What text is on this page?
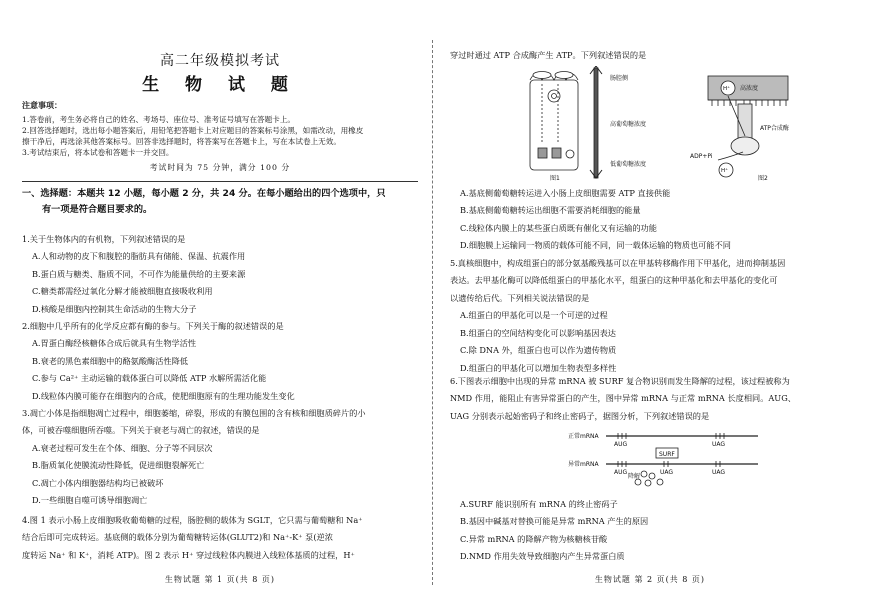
高二年级模拟考试
生 物 试 题
注意事项：

1.答卷前，考生务必将自己的姓名、考场号、座位号、准考证号填写在答题卡上。

2.回答选择题时，选出每小题答案后，用铅笔把答题卡上对应题目的答案标号涂黑，如需改动，用橡皮

擦干净后，再选涂其他答案标号。回答非选择题时，将答案写在答题卡上，写在本试卷上无效。

3.考试结束后，将本试卷和答题卡一并交回。

考试时间为 75 分钟，满分 100 分
一、选择题：本题共 12 小题，每小题 2 分，共 24 分。在每小题给出的四个选项中，只
有一项是符合题目要求的。

1.关于生物体内的有机物，下列叙述错误的是

A.人和动物的皮下和腹腔的脂肪具有储能、保温、抗震作用

B.蛋白质与糖类、脂质不同，不可作为能量供给的主要来源

C.糖类都需经过氧化分解才能被细胞直接吸收利用

D.核酸是细胞内控制其生命活动的生物大分子

2.细胞中几乎所有的化学反应都有酶的参与。下列关于酶的叙述错误的是

A.胃蛋白酶经核糖体合成后就具有生物学活性

B.衰老的黑色素细胞中的酪氨酸酶活性降低

C.参与 Ca²⁺ 主动运输的载体蛋白可以降低 ATP 水解所需活化能

D.线粒体内膜可能存在细胞内的合成，使肥细胞原有的生理功能发生变化

3.凋亡小体是指细胞凋亡过程中，细胞萎缩，碎裂，形成的有膜包围的含有核和细胞质碎片的小

体，可被吞噬细胞所吞噬。下列关于衰老与凋亡的叙述，错误的是

A.衰老过程可发生在个体、细胞、分子等不同层次

B.脂质氧化使膜流动性降低，促进细胞裂解死亡

C.凋亡小体内细胞器结构均已被破坏

D.一些细胞自噬可诱导细胞凋亡

4.图 1 表示小肠上皮细胞吸收葡萄糖的过程，肠腔侧的载体为 SGLT，它只需与葡萄糖和 Na⁺

结合后即可完成转运。基底侧的载体分别为葡萄糖转运体(GLUT2)和 Na⁺-K⁺ 泵(逆浓

度转运 Na⁺ 和 K⁺，消耗 ATP)。图 2 表示 H⁺ 穿过线粒体内膜进入线粒体基质的过程，H⁺

生物试题 第 1 页(共 8 页)
穿过时通过 ATP 合成酶产生 ATP。下列叙述错误的是
肠腔侧
高葡萄糖浓度
低葡萄糖浓度
图1
H⁺ 高浓度
ATP合成酶
ADP+Pi
H⁺
图2

A.基底侧葡萄糖转运进入小肠上皮细胞需要 ATP 直接供能

B.基底侧葡萄糖转运出细胞不需要消耗细胞的能量

C.线粒体内膜上的某些蛋白质既有催化又有运输的功能

D.细胞膜上运输同一物质的载体可能不同，同一载体运输的物质也可能不同

5.真核细胞中，构成组蛋白的部分氨基酸残基可以在甲基转移酶作用下甲基化，进而抑制基因

表达。去甲基化酶可以降低组蛋白的甲基化水平，组蛋白的这种甲基化和去甲基化的变化可

以遗传给后代。下列相关说法错误的是

A.组蛋白的甲基化可以是一个可逆的过程

B.组蛋白的空间结构变化可以影响基因表达

C.除 DNA 外，组蛋白也可以作为遗传物质

D.组蛋白的甲基化可以增加生物表型多样性

6.下图表示细胞中出现的异常 mRNA 被 SURF 复合物识别而发生降解的过程，该过程被称为

NMD 作用，能阻止有害异常蛋白的产生，图中异常 mRNA 与正常 mRNA 长度相同。AUG、

UAG 分别表示起始密码子和终止密码子，据图分析，下列叙述错误的是

正常mRNA
异常mRNA
AUG	UAG
SURF
AUG	UAG	UAG
降解

A.SURF 能识别所有 mRNA 的终止密码子

B.基因中碱基对替换可能是异常 mRNA 产生的原因

C.异常 mRNA 的降解产物为核糖核苷酸

D.NMD 作用失效导致细胞内产生异常蛋白质

生物试题 第 2 页(共 8 页)
